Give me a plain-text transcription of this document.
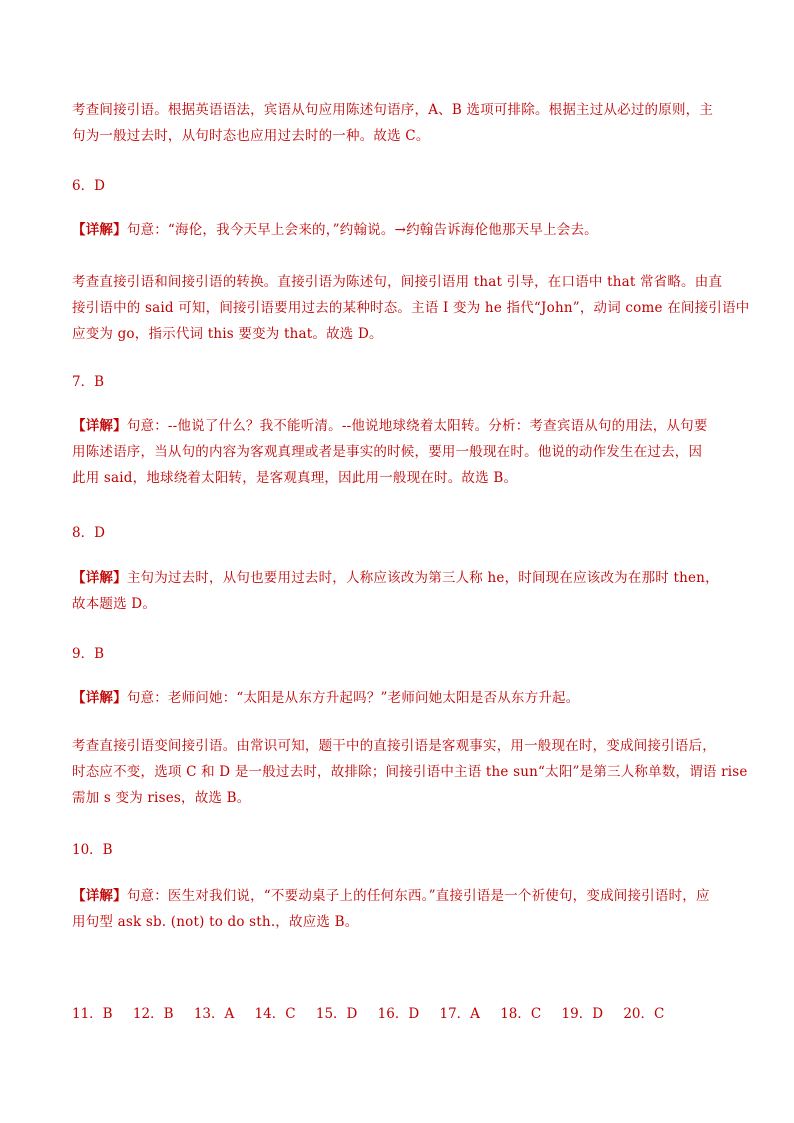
考查间接引语。根据英语语法，宾语从句应用陈述句语序，A、B 选项可排除。根据主过从必过的原则，主
句为一般过去时，从句时态也应用过去时的一种。故选 C。

6．D

【详解】句意：“海伦，我今天早上会来的，”约翰说。→约翰告诉海伦他那天早上会去。

考查直接引语和间接引语的转换。直接引语为陈述句，间接引语用 that 引导，在口语中 that 常省略。由直
接引语中的 said 可知，间接引语要用过去的某种时态。主语 I 变为 he 指代“John”，动词 come 在间接引语中
应变为 go，指示代词 this 要变为 that。故选 D。

7．B

【详解】句意：--他说了什么？我不能听清。--他说地球绕着太阳转。分析：考查宾语从句的用法，从句要
用陈述语序，当从句的内容为客观真理或者是事实的时候，要用一般现在时。他说的动作发生在过去，因
此用 said，地球绕着太阳转，是客观真理，因此用一般现在时。故选 B。

8．D

【详解】主句为过去时，从句也要用过去时，人称应该改为第三人称 he，时间现在应该改为在那时 then，
故本题选 D。

9．B

【详解】句意：老师问她：“太阳是从东方升起吗？”老师问她太阳是否从东方升起。

考查直接引语变间接引语。由常识可知，题干中的直接引语是客观事实，用一般现在时，变成间接引语后，
时态应不变，选项 C 和 D 是一般过去时，故排除；间接引语中主语 the sun“太阳”是第三人称单数，谓语 rise
需加 s 变为 rises，故选 B。

10．B

【详解】句意：医生对我们说，“不要动桌子上的任何东西。”直接引语是一个祈使句，变成间接引语时，应
用句型 ask sb. (not) to do sth.，故应选 B。

11．B 12．B 13．A 14．C 15．D 16．D 17．A 18．C 19．D 20．C
